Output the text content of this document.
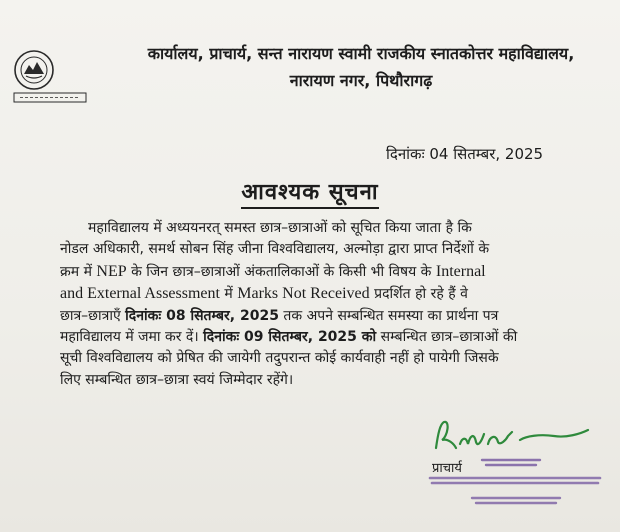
कार्यालय, प्राचार्य, सन्त नारायण स्वामी राजकीय स्नातकोत्तर महाविद्यालय,
नारायण नगर, पिथौरागढ़
दिनांकः 04 सितम्बर, 2025
आवश्यक सूचना
महाविद्यालय में अध्ययनरत् समस्त छात्र–छात्राओं को सूचित किया जाता है कि
नोडल अधिकारी, समर्थ सोबन सिंह जीना विश्वविद्यालय, अल्मोड़ा द्वारा प्राप्त निर्देशों के
क्रम में NEP के जिन छात्र–छात्राओं अंकतालिकाओं के किसी भी विषय के Internal
and External Assessment में Marks Not Received प्रदर्शित हो रहे हैं वे
छात्र–छात्राएँ दिनांकः 08 सितम्बर, 2025 तक अपने सम्बन्धित समस्या का प्रार्थना पत्र
महाविद्यालय में जमा कर दें। दिनांकः 09 सितम्बर, 2025 को सम्बन्धित छात्र–छात्राओं की
सूची विश्वविद्यालय को प्रेषित की जायेगी तदुपरान्त कोई कार्यवाही नहीं हो पायेगी जिसके
लिए सम्बन्धित छात्र–छात्रा स्वयं जिम्मेदार रहेंगे।
प्राचार्य
